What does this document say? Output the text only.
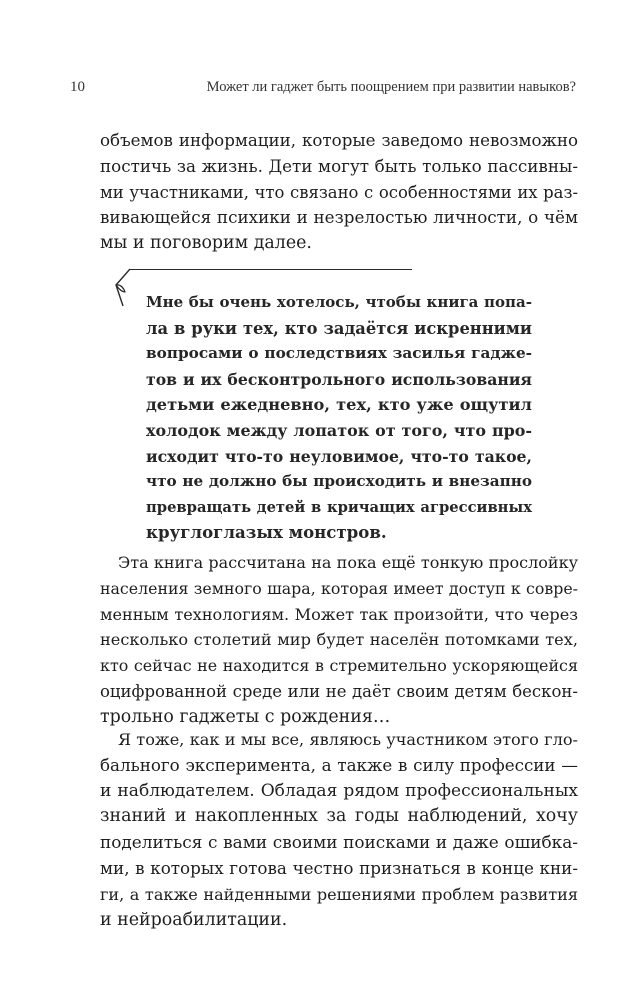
10	Может ли гаджет быть поощрением при развитии навыков?
объемов информации, которые заведомо невозможно
постичь за жизнь. Дети могут быть только пассивны-
ми участниками, что связано с особенностями их раз-
вивающейся психики и незрелостью личности, о чём
мы и поговорим далее.
Мне бы очень хотелось, чтобы книга попа-
ла в руки тех, кто задаётся искренними
вопросами о последствиях засилья гадже-
тов и их бесконтрольного использования
детьми ежедневно, тех, кто уже ощутил
холодок между лопаток от того, что про-
исходит что-то неуловимое, что-то такое,
что не должно бы происходить и внезапно
превращать детей в кричащих агрессивных
круглоглазых монстров.
Эта книга рассчитана на пока ещё тонкую прослойку
населения земного шара, которая имеет доступ к совре-
менным технологиям. Может так произойти, что через
несколько столетий мир будет населён потомками тех,
кто сейчас не находится в стремительно ускоряющейся
оцифрованной среде или не даёт своим детям бескон-
трольно гаджеты с рождения…
Я тоже, как и мы все, являюсь участником этого гло-
бального эксперимента, а также в силу профессии —
и наблюдателем. Обладая рядом профессиональных
знаний и накопленных за годы наблюдений, хочу
поделиться с вами своими поисками и даже ошибка-
ми, в которых готова честно признаться в конце кни-
ги, а также найденными решениями проблем развития
и нейроабилитации.
